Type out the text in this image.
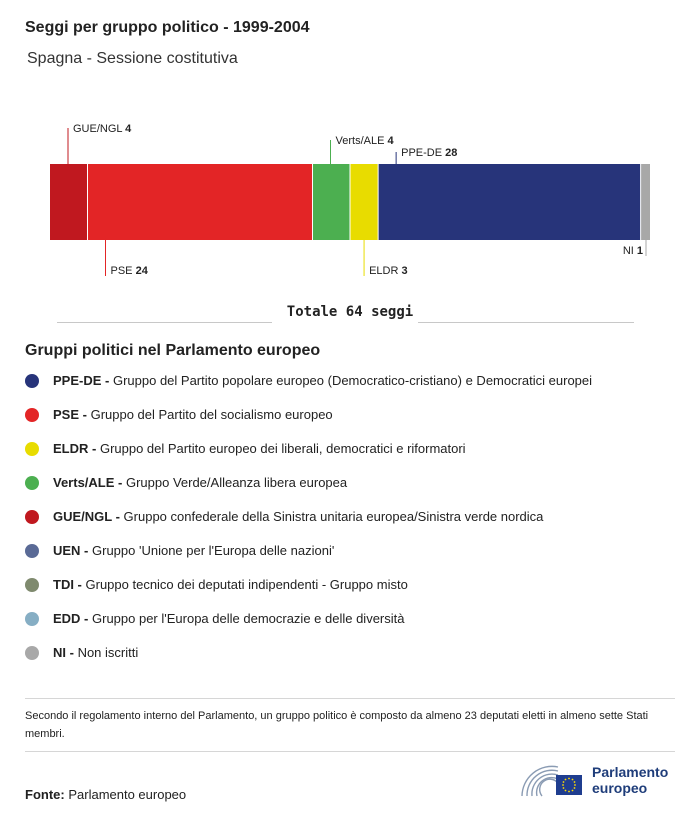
Seggi per gruppo politico - 1999-2004
Spagna - Sessione costitutiva
GUE/NGL 4
PSE 24
Verts/ALE 4
ELDR 3
PPE-DE 28
NI 1
Totale 64 seggi
Gruppi politici nel Parlamento europeo
PPE-DE - Gruppo del Partito popolare europeo (Democratico-cristiano) e Democratici europei
PSE - Gruppo del Partito del socialismo europeo
ELDR - Gruppo del Partito europeo dei liberali, democratici e riformatori
Verts/ALE - Gruppo Verde/Alleanza libera europea
GUE/NGL - Gruppo confederale della Sinistra unitaria europea/Sinistra verde nordica
UEN - Gruppo 'Unione per l'Europa delle nazioni'
TDI - Gruppo tecnico dei deputati indipendenti - Gruppo misto
EDD - Gruppo per l'Europa delle democrazie e delle diversità
NI - Non iscritti
Secondo il regolamento interno del Parlamento, un gruppo politico è composto da almeno 23 deputati eletti in almeno sette Stati membri.
Fonte: Parlamento europeo
Parlamento
europeo
